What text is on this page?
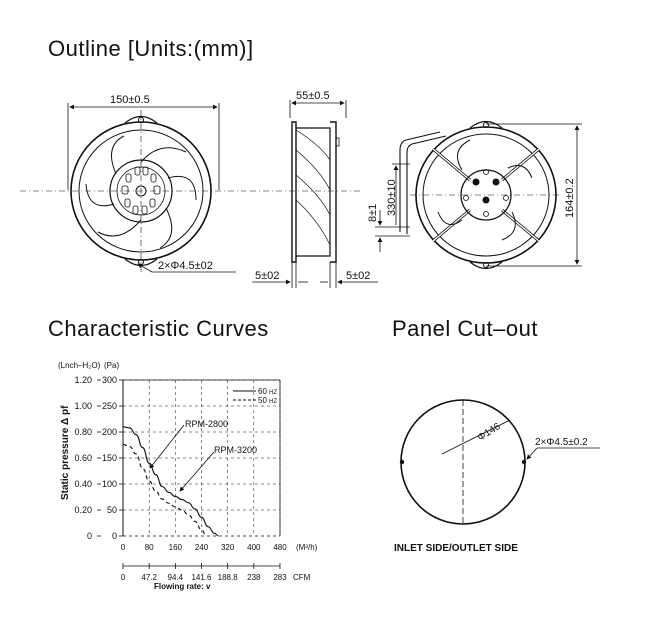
Outline [Units:(mm)]
Characteristic Curves	Panel Cut–out
150±0.5
2×Φ4.5±02
55±0.5
5±02	5±02
164±0.2
8±1 330±10
(Lnch–H₂O) (Pa)
Static pressure Δ pf
300
1.20
250
1.00
200
0.80
150
0.60
100
0.40
50
0.20
0
0
0 80 160 240 320 400 480
0 47.2 94.4 141.6 188.8 238 283
60 HZ
50 HZ
RPM-2800
RPM-3200
(M³/h)
CFM
Flowing rate: v
Φ146	2×Φ4.5±0.2
INLET SIDE/OUTLET SIDE
